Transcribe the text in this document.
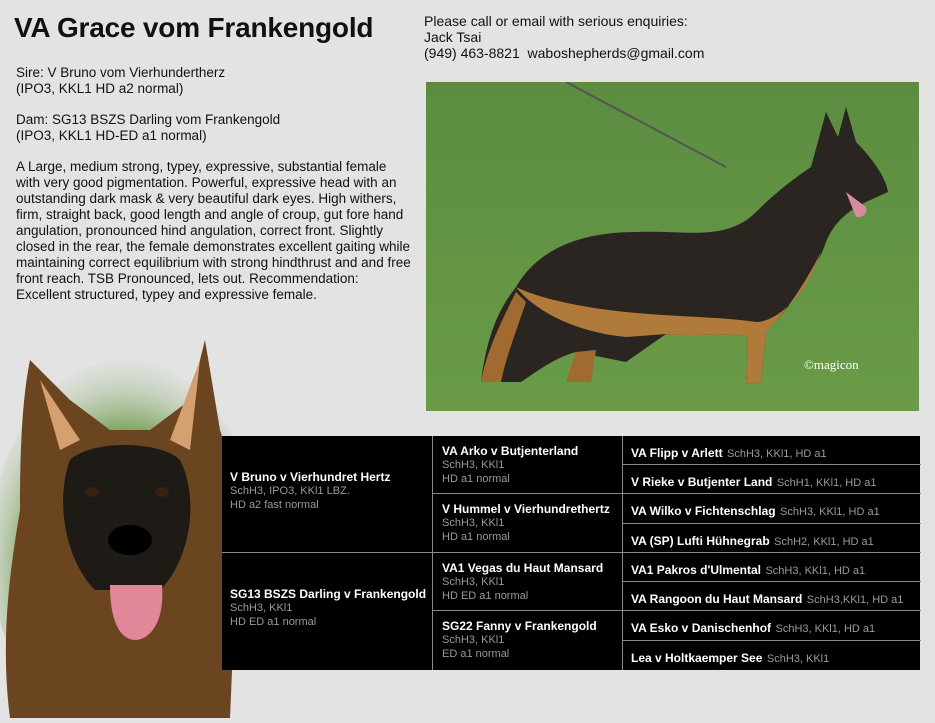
VA Grace vom Frankengold	Please call or email with serious enquiries:
Jack Tsai
(949) 463-8821 waboshepherds@gmail.com

Sire: V Bruno vom Vierhundertherz
(IPO3, KKL1 HD a2 normal)

Dam: SG13 BSZS Darling vom Frankengold
(IPO3, KKL1 HD-ED a1 normal)

A Large, medium strong, typey, expressive, substantial female with very good pigmentation. Powerful, expressive head with an outstanding dark mask & very beautiful dark eyes. High withers, firm, straight back, good length and angle of croup, gut fore hand angulation, pronounced hind angulation, correct front. Slightly closed in the rear, the female demonstrates excellent gaiting while maintaining correct equilibrium with strong hindthrust and and free front reach. TSB Pronounced, lets out. Recommendation: Excellent structured, typey and expressive female.

©magicon
V Bruno v Vierhundret Hertz
SchH3, IPO3, KKl1 LBZ.
HD a2 fast normal
SG13 BSZS Darling v Frankengold
SchH3, KKl1
HD ED a1 normal
VA Arko v Butjenterland
SchH3, KKl1
HD a1 normal
V Hummel v Vierhundrethertz
SchH3, KKl1
HD a1 normal
VA1 Vegas du Haut Mansard
SchH3, KKl1
HD ED a1 normal
SG22 Fanny v Frankengold
SchH3, KKl1
ED a1 normal
VA Flipp v Arlett SchH3, KKl1, HD a1
V Rieke v Butjenter Land SchH1, KKl1, HD a1
VA Wilko v Fichtenschlag SchH3, KKl1, HD a1
VA (SP) Lufti Hühnegrab SchH2, KKl1, HD a1
VA1 Pakros d'Ulmental SchH3, KKl1, HD a1
VA Rangoon du Haut Mansard SchH3,KKl1, HD a1
VA Esko v Danischenhof SchH3, KKl1, HD a1
Lea v Holtkaemper See SchH3, KKl1
